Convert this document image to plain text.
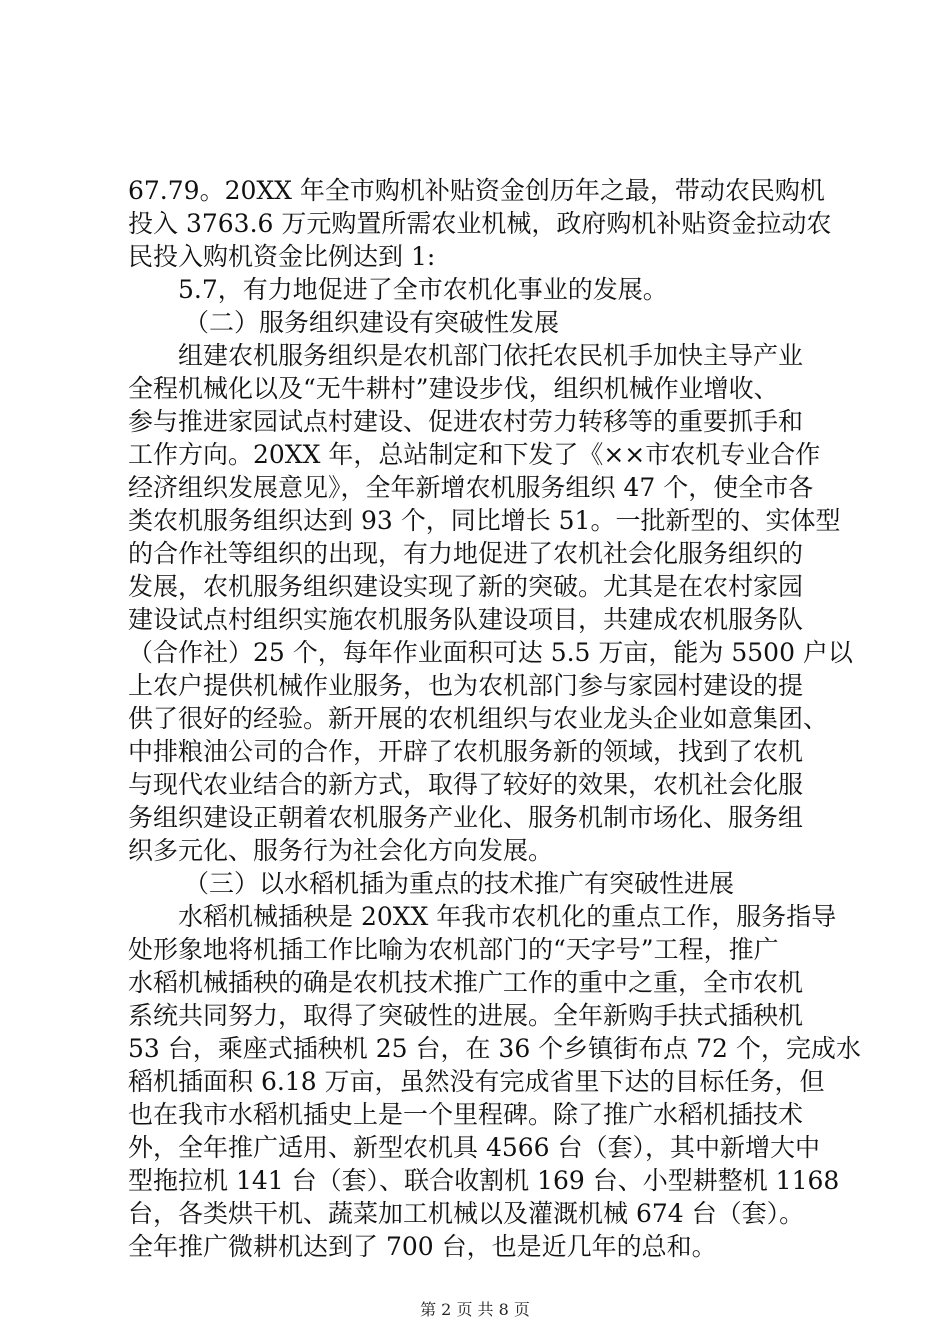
67.79。20XX 年全市购机补贴资金创历年之最，带动农民购机
投入 3763.6 万元购置所需农业机械，政府购机补贴资金拉动农
民投入购机资金比例达到 1:
5.7，有力地促进了全市农机化事业的发展。
（二）服务组织建设有突破性发展
组建农机服务组织是农机部门依托农民机手加快主导产业
全程机械化以及“无牛耕村”建设步伐，组织机械作业增收、
参与推进家园试点村建设、促进农村劳力转移等的重要抓手和
工作方向。20XX 年，总站制定和下发了《××市农机专业合作
经济组织发展意见》，全年新增农机服务组织 47 个，使全市各
类农机服务组织达到 93 个，同比增长 51。一批新型的、实体型
的合作社等组织的出现，有力地促进了农机社会化服务组织的
发展，农机服务组织建设实现了新的突破。尤其是在农村家园
建设试点村组织实施农机服务队建设项目，共建成农机服务队
（合作社）25 个，每年作业面积可达 5.5 万亩，能为 5500 户以
上农户提供机械作业服务，也为农机部门参与家园村建设的提
供了很好的经验。新开展的农机组织与农业龙头企业如意集团、
中排粮油公司的合作，开辟了农机服务新的领域，找到了农机
与现代农业结合的新方式，取得了较好的效果，农机社会化服
务组织建设正朝着农机服务产业化、服务机制市场化、服务组
织多元化、服务行为社会化方向发展。
（三）以水稻机插为重点的技术推广有突破性进展
水稻机械插秧是 20XX 年我市农机化的重点工作，服务指导
处形象地将机插工作比喻为农机部门的“天字号”工程，推广
水稻机械插秧的确是农机技术推广工作的重中之重，全市农机
系统共同努力，取得了突破性的进展。全年新购手扶式插秧机
53 台，乘座式插秧机 25 台，在 36 个乡镇街布点 72 个，完成水
稻机插面积 6.18 万亩，虽然没有完成省里下达的目标任务，但
也在我市水稻机插史上是一个里程碑。除了推广水稻机插技术
外，全年推广适用、新型农机具 4566 台（套），其中新增大中
型拖拉机 141 台（套）、联合收割机 169 台、小型耕整机 1168
台，各类烘干机、蔬菜加工机械以及灌溉机械 674 台（套）。
全年推广微耕机达到了 700 台，也是近几年的总和。
第 2 页 共 8 页
